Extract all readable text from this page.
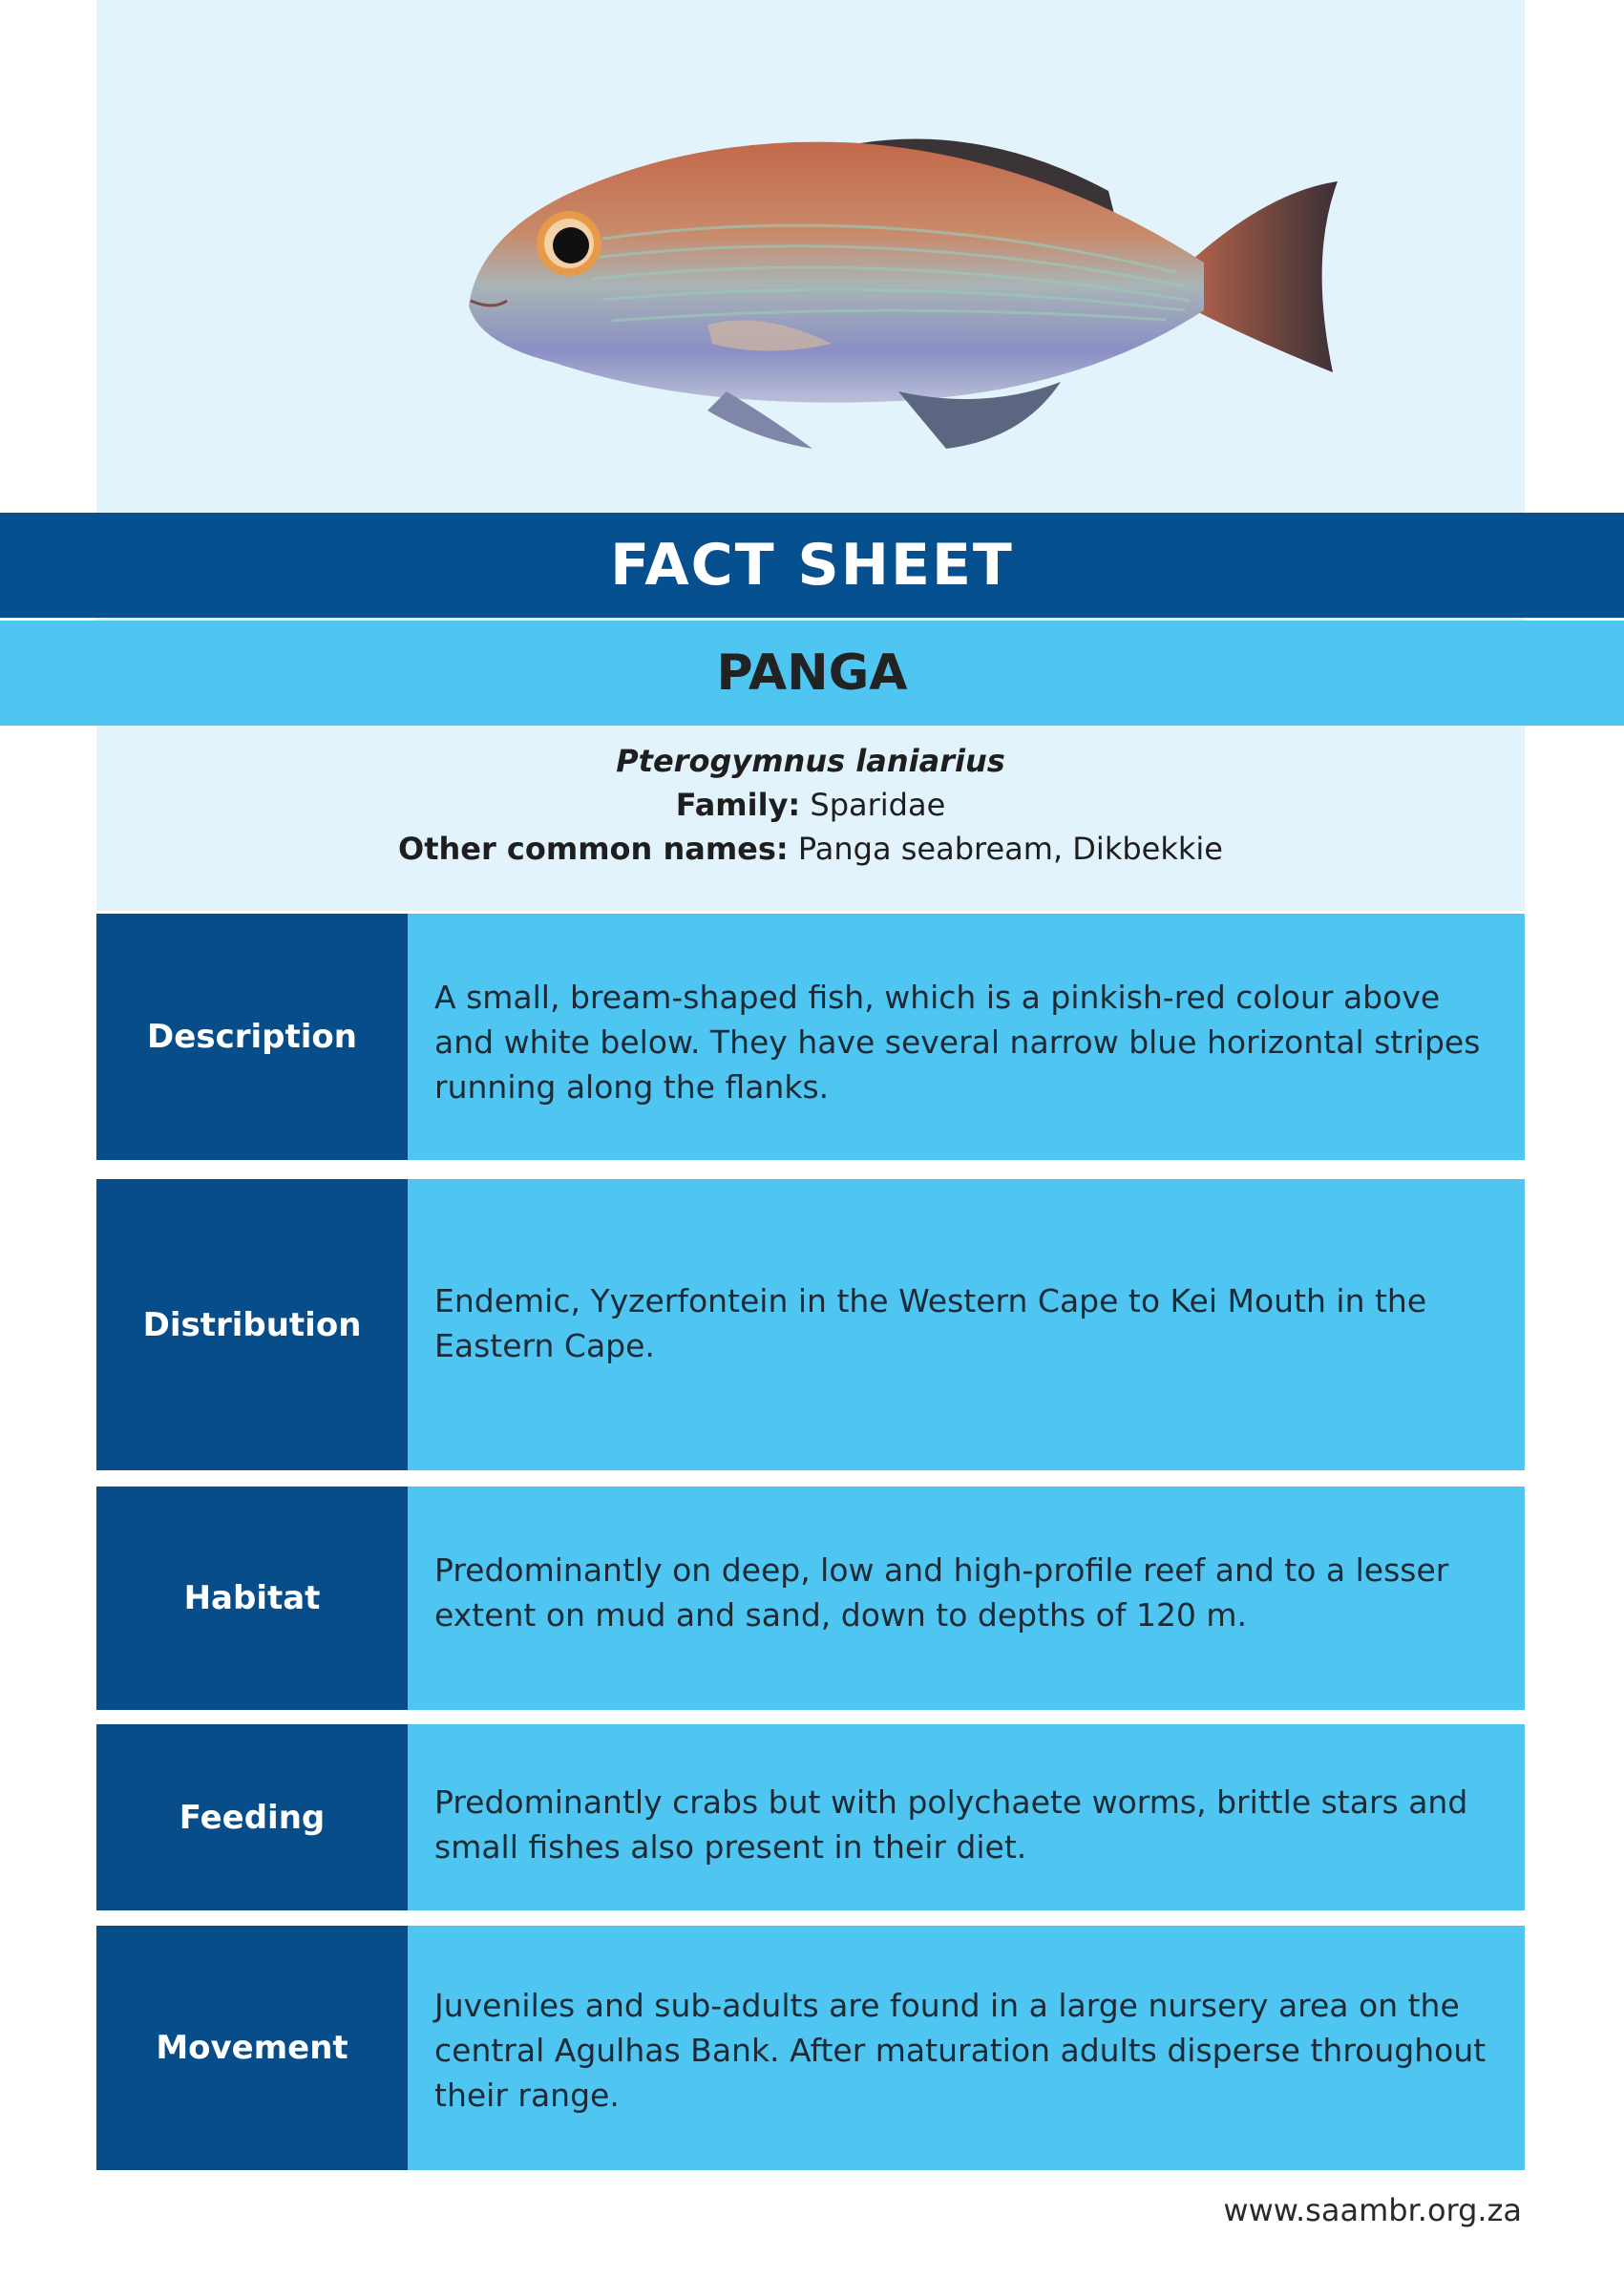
FACT SHEET
PANGA
Pterogymnus laniarius
Family: Sparidae
Other common names: Panga seabream, Dikbekkie
Description

A small, bream-shaped fish, which is a pinkish-red colour above and white below. They have several narrow blue horizontal stripes running along the flanks.

Distribution

Endemic, Yyzerfontein in the Western Cape to Kei Mouth in the Eastern Cape.

Habitat

Predominantly on deep, low and high-profile reef and to a lesser extent on mud and sand, down to depths of 120 m.

Feeding	Predominantly crabs but with polychaete worms, brittle stars and small fishes also present in their diet.

Movement

Juveniles and sub-adults are found in a large nursery area on the central Agulhas Bank. After maturation adults disperse throughout their range.

www.saambr.org.za
